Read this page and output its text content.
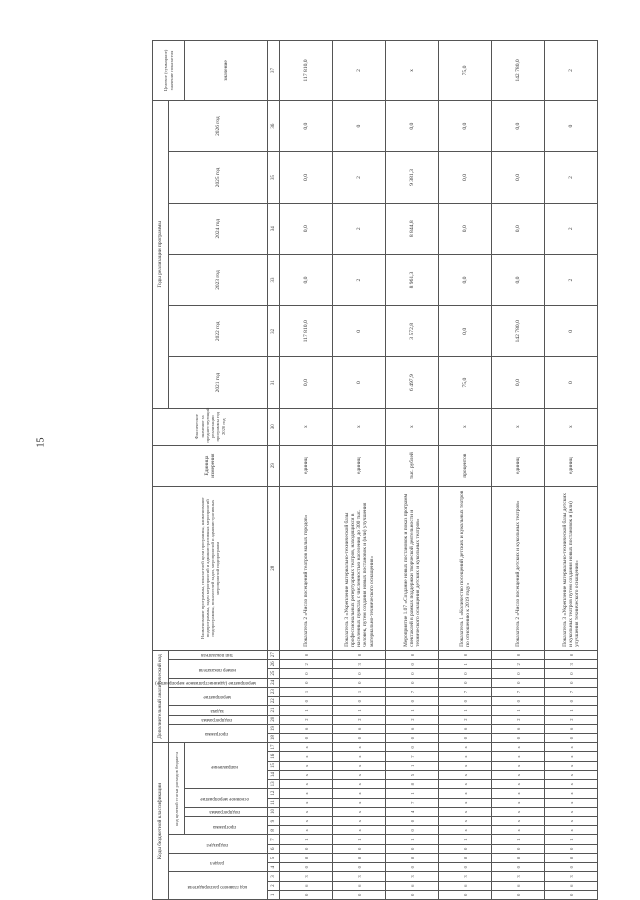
15
Коды бюджетной классификации																	Дополнительный аналитический код										Наименование программы, показателей цели программы, наименование подпрограммы, задач мероприятий и административных мероприятий подпрограммы, показателей задач, мероприятий и административных мероприятий подпрограмм	Единица измерения	Фактическое значение за предшествующий реализации программы год 2020 год	Годы реализации программы						Целевое (суммарное) значение показателя
код главного распорядителя			раздел		подраздел		код целевой статьи расходов бюджета										программа		подпрограмма	задача	мероприятие		мероприятие (административное мероприятие)	номер показателя		тип показателя				2021 год	2022 год	2023 год	2024 год	2025 год	2026 год	
							программа		подпрограмма	основное мероприятие		направление																								значение
1	2	3	4	5	6	7	8	9	10	11	12	13	14	15	16	17	18	19	20	21	22	23	24	25	26	27	28	29	30	31	32	33	34	35	36	37
0	6	3	0	8	0	1	х	х	х	х	х	х	х	х	х	х	0	6	2	1	0	1	0	0	2	0	Показатель 2 «Число посещений театров малых городов»	единиц	х	0,0	117 810,0	0,0	0,0	0,0	0,0	117 810,0
0	6	3	0	8	0	1	х	х	х	х	х	х	х	х	х	х	0	6	2	1	0	1	0	0	3	0	Показатель 3 «Укрепление материально-технической базы профессиональных репертуарных театров, находящихся в населенных пунктах с численностью населения до 300 тыс. человек, путем создания новых постановок и (или) улучшения материально-технического оснащения»	единиц	х	0	0	2	2	2	0	2
0	6	3	0	8	0	1	0	0	4	7	1	8	5	1	7	0	0	6	2	1	0	7	0	0	0	0	Мероприятие 1.07 «Создание новых постановок и показ программ спектаклей в рамках поддержки творческой деятельности и технического оснащения детских и кукольных театров»	тыс. рублей	х	6 497,9	3 572,8	8 961,3	8 844,8	9 381,3	0,0	х
0	6	3	0	8	0	1	х	х	х	х	х	х	х	х	х	х	0	6	2	1	0	7	0	0	1	0	Показатель 1 «Количество посещений детских и кукольных театров по отношению к 2019 году»	процентов	х	75,0	0,0	0,0	0,0	0,0	0,0	75,0
0	6	3	0	8	0	1	х	х	х	х	х	х	х	х	х	х	0	6	2	1	0	7	0	0	2	0	Показатель 2 «Число посещений детских и кукольных театров»	единиц	х	0,0	142 780,0	0,0	0,0	0,0	0,0	142 780,0
0	6	3	0	8	0	1	х	х	х	х	х	х	х	х	х	х	0	6	2	1	0	7	0	0	3	0	Показатель 3 «Укрепление материально-технической базы детских и кукольных театров путем создания новых постановок и (или) улучшения технического оснащения»	единиц	х	0	0	2	2	2	0	2
